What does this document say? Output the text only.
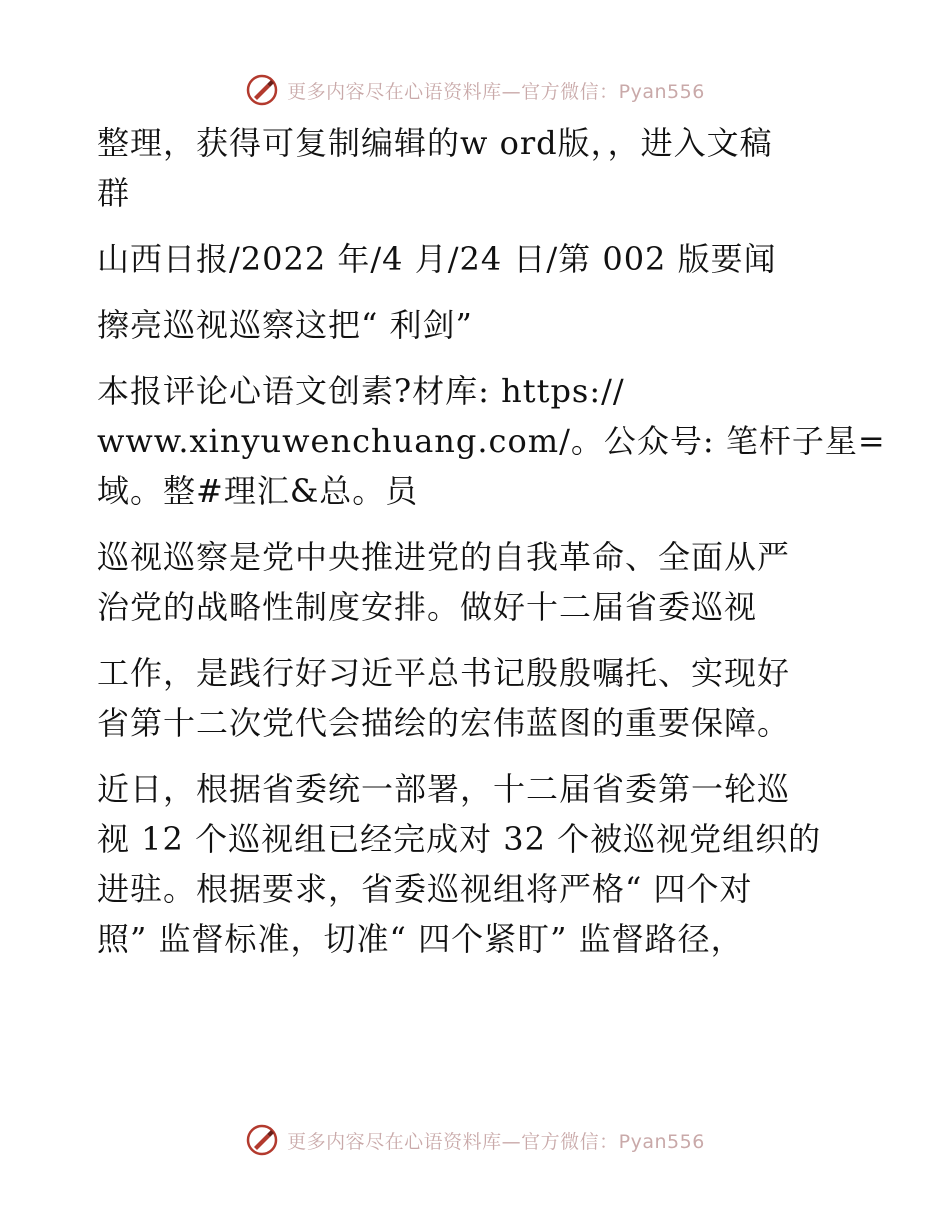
更多内容尽在心语资料库—官方微信：Pyan556

整理，获得可复制编辑的w ord版，，进入文稿
群

山西日报/2022 年/4 月/24 日/第 002 版要闻

擦亮巡视巡察这把“ 利剑”

本报评论心语文创素?材库: https://
www.xinyuwenchuang.com/。公众号: 笔杆子星=
域。整#理汇&总。员

巡视巡察是党中央推进党的自我革命、全面从严
治党的战略性制度安排。做好十二届省委巡视

工作，是践行好习近平总书记殷殷嘱托、实现好
省第十二次党代会描绘的宏伟蓝图的重要保障。

近日，根据省委统一部署，十二届省委第一轮巡
视 12 个巡视组已经完成对 32 个被巡视党组织的
进驻。根据要求，省委巡视组将严格“ 四个对
照” 监督标准，切准“ 四个紧盯” 监督路径，

更多内容尽在心语资料库—官方微信：Pyan556
